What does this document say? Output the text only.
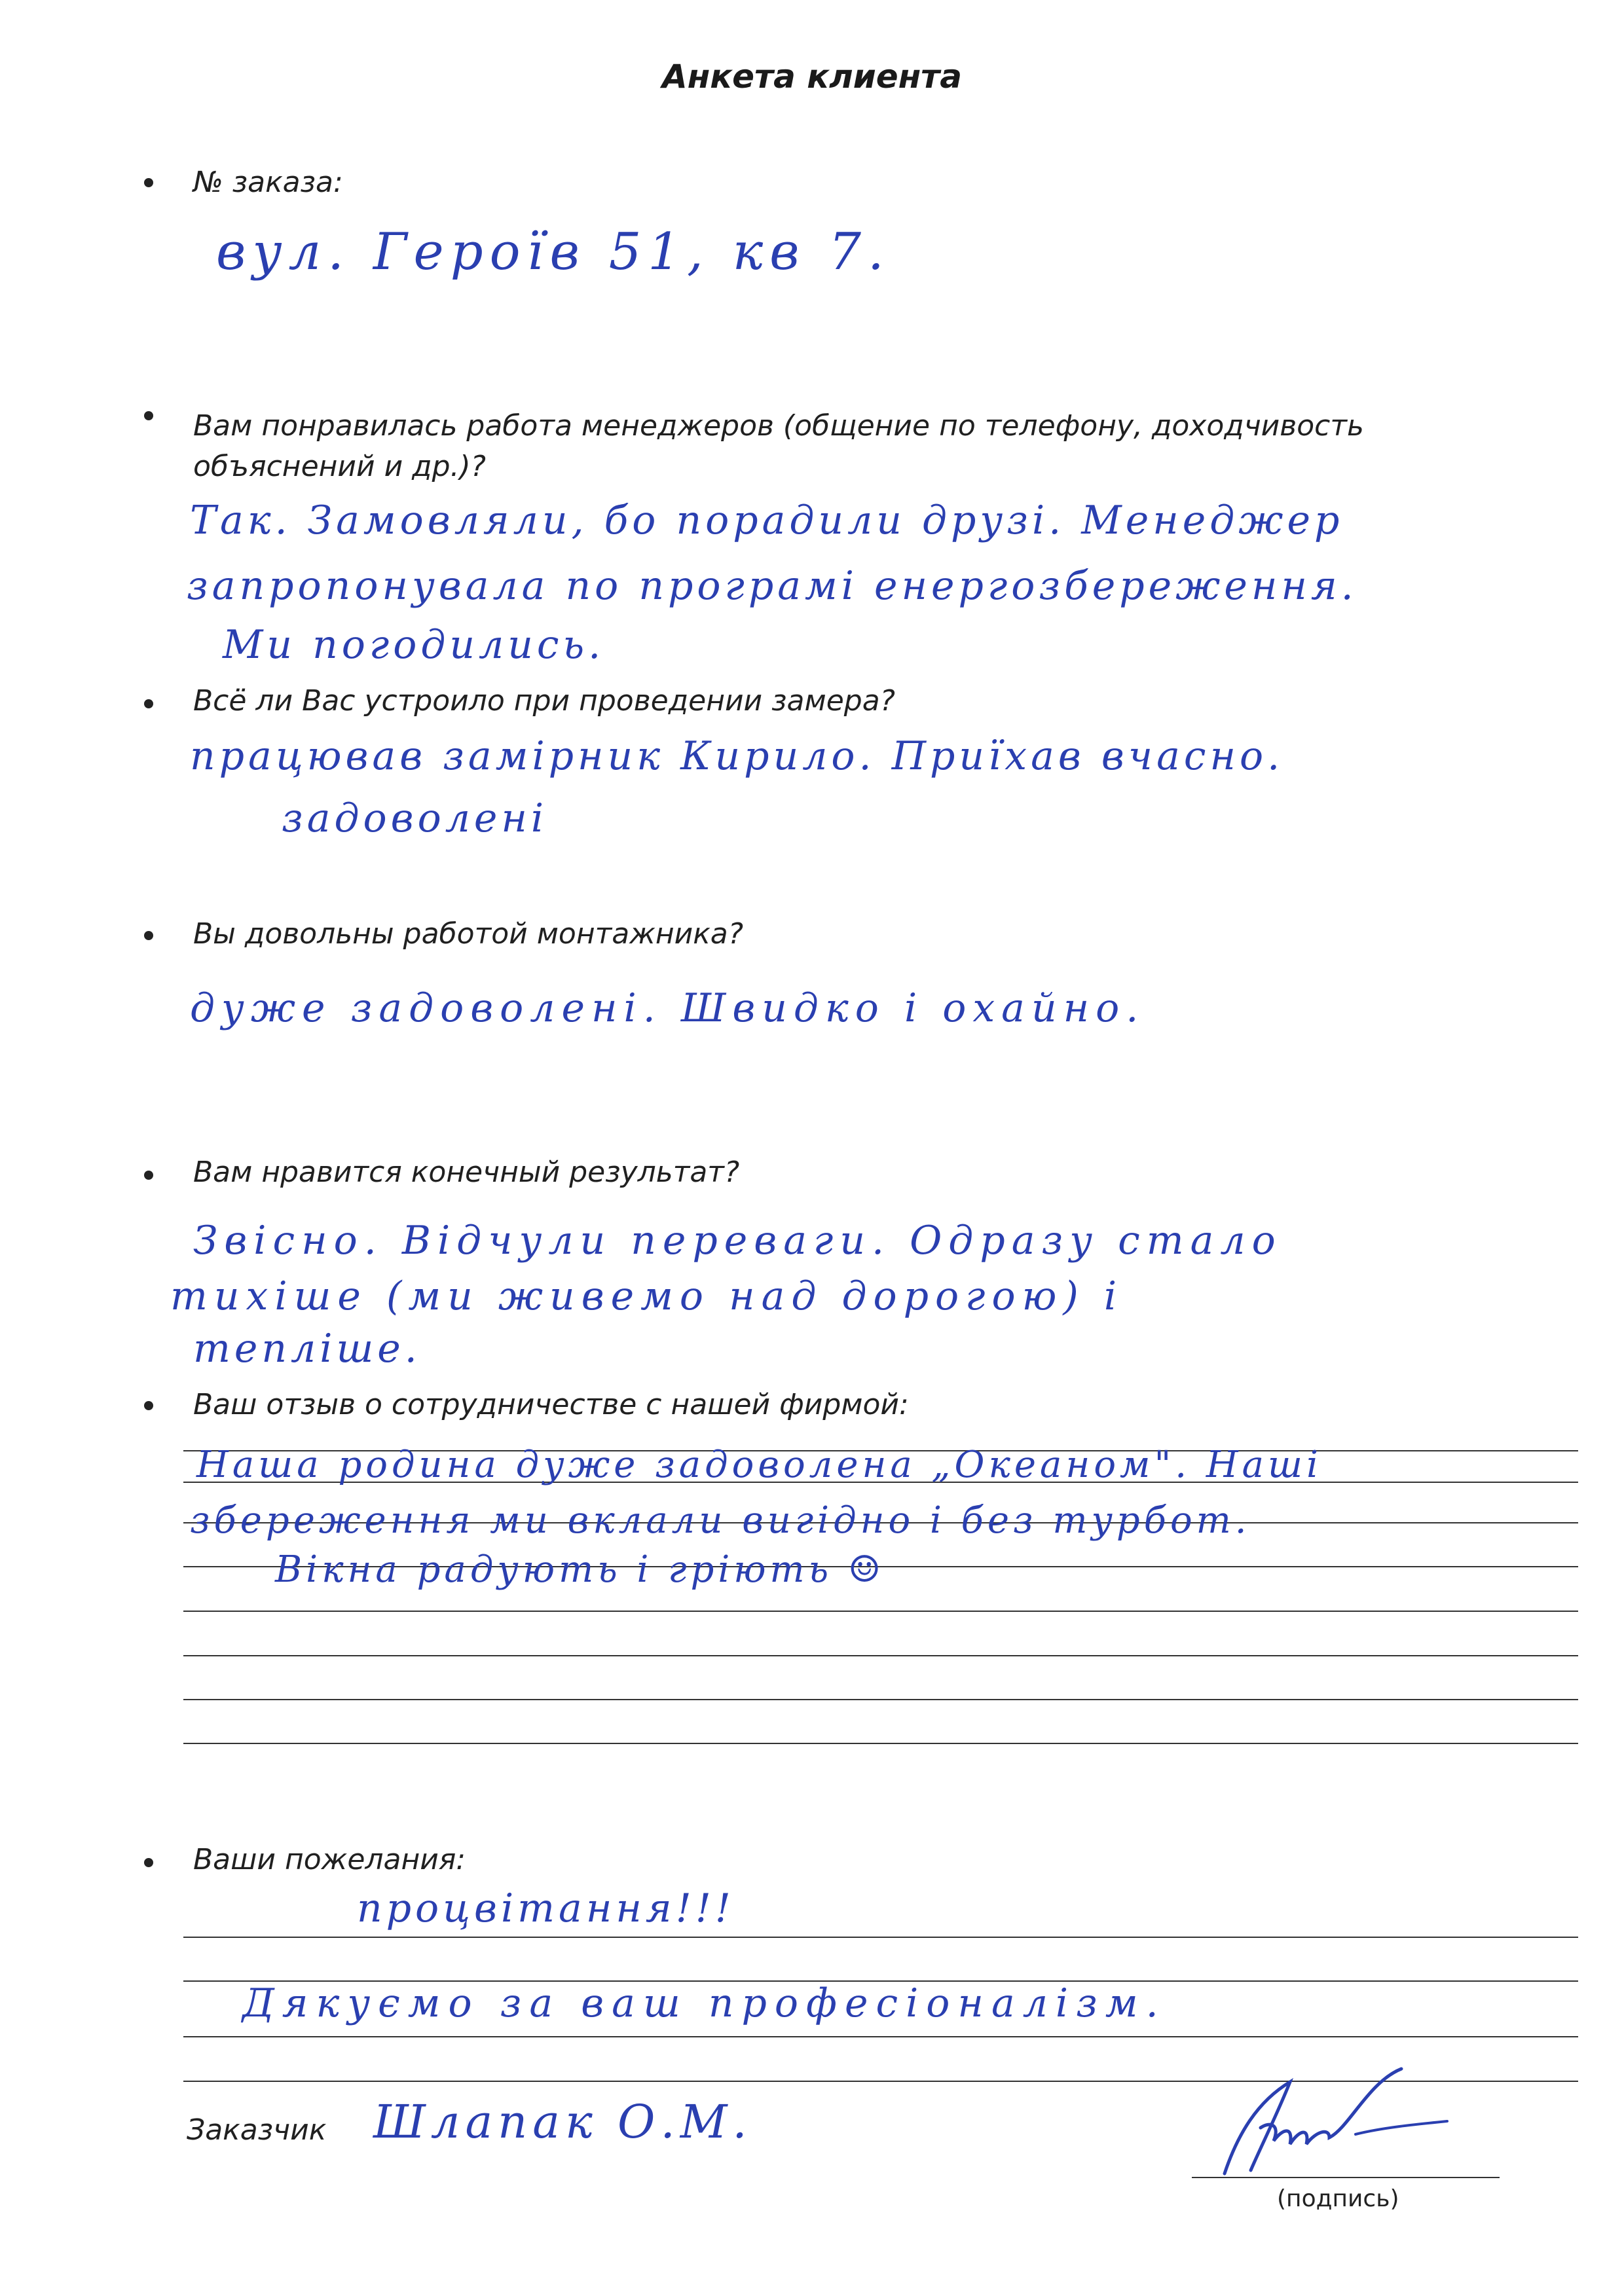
Анкета клиента
№ заказа:
вул. Героїв 51, кв 7.
Вам понравилась работа менеджеров (общение по телефону, доходчивость объяснений и др.)?
Так. Замовляли, бо порадили друзі. Менеджер
запропонувала по програмі енергозбереження.
Ми погодились.
Всё ли Вас устроило при проведении замера?
працював замірник Кирило. Приїхав вчасно.
задоволені
Вы довольны работой монтажника?
дуже задоволені. Швидко і охайно.
Вам нравится конечный результат?
Звісно. Відчули переваги. Одразу стало
тихіше (ми живемо над дорогою) і
тепліше.
Ваш отзыв о сотрудничестве с нашей фирмой:
Наша родина дуже задоволена „Океаном". Наші
збереження ми вклали вигідно і без турбот.
Вікна радують і гріють ☺
Ваши пожелания:
процвітання!!!
Дякуємо за ваш професіоналізм.
Заказчик Шлапак О.М.
(подпись)
